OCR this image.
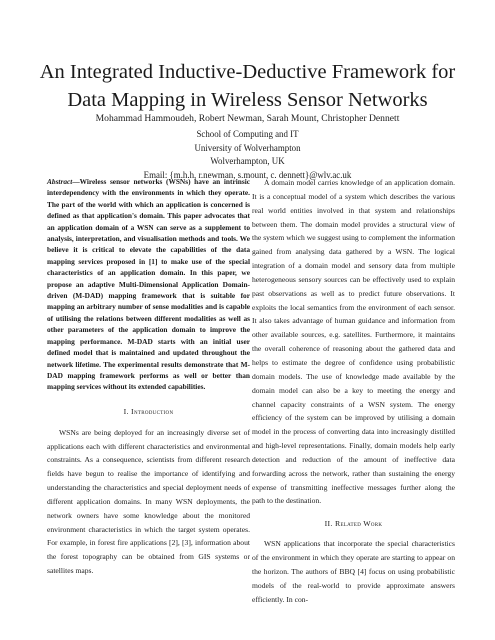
An Integrated Inductive-Deductive Framework for
Data Mapping in Wireless Sensor Networks
Mohammad Hammoudeh, Robert Newman, Sarah Mount, Christopher Dennett
School of Computing and IT
University of Wolverhampton
Wolverhampton, UK
Email: {m.h.h, r.newman, s.mount, c. dennett}@wlv.ac.uk

Abstract—Wireless sensor networks (WSNs) have an intrinsic interdependency with the environments in which they operate. The part of the world with which an application is concerned is defined as that application's domain. This paper advocates that an application domain of a WSN can serve as a supplement to analysis, interpretation, and visualisation methods and tools. We believe it is critical to elevate the capabilities of the data mapping services proposed in [1] to make use of the special characteristics of an application domain. In this paper, we propose an adaptive Multi-Dimensional Application Domain-driven (M-DAD) mapping framework that is suitable for mapping an arbitrary number of sense modalities and is capable of utilising the relations between different modalities as well as other parameters of the application domain to improve the mapping performance. M-DAD starts with an initial user defined model that is maintained and updated throughout the network lifetime. The experimental results demonstrate that M-DAD mapping framework performs as well or better than mapping services without its extended capabilities.

I. Introduction

WSNs are being deployed for an increasingly diverse set of applications each with different characteristics and environmental constraints. As a consequence, scientists from different research fields have begun to realise the importance of identifying and understanding the characteristics and special deployment needs of different application domains. In many WSN deployments, the network owners have some knowledge about the monitored environment characteristics in which the target system operates. For example, in forest fire applications [2], [3], information about the forest topography can be obtained from GIS systems or satellites maps.

A domain model carries knowledge of an application domain. It is a conceptual model of a system which describes the various real world entities involved in that system and relationships between them. The domain model provides a structural view of the system which we suggest using to complement the information gained from analysing data gathered by a WSN. The logical integration of a domain model and sensory data from multiple heterogeneous sensory sources can be effectively used to explain past observations as well as to predict future observations. It exploits the local semantics from the environment of each sensor. It also takes advantage of human guidance and information from other available sources, e.g. satellites. Furthermore, it maintains the overall coherence of reasoning about the gathered data and helps to estimate the degree of confidence using probabilistic domain models. The use of knowledge made available by the domain model can also be a key to meeting the energy and channel capacity constraints of a WSN system. The energy efficiency of the system can be improved by utilising a domain model in the process of converting data into increasingly distilled and high-level representations. Finally, domain models help early detection and reduction of the amount of ineffective data forwarding across the network, rather than sustaining the energy expense of transmitting ineffective messages further along the path to the destination.

II. Related Work

WSN applications that incorporate the special characteristics of the environment in which they operate are starting to appear on the horizon. The authors of BBQ [4] focus on using probabilistic models of the real-world to provide approximate answers efficiently. In con-
